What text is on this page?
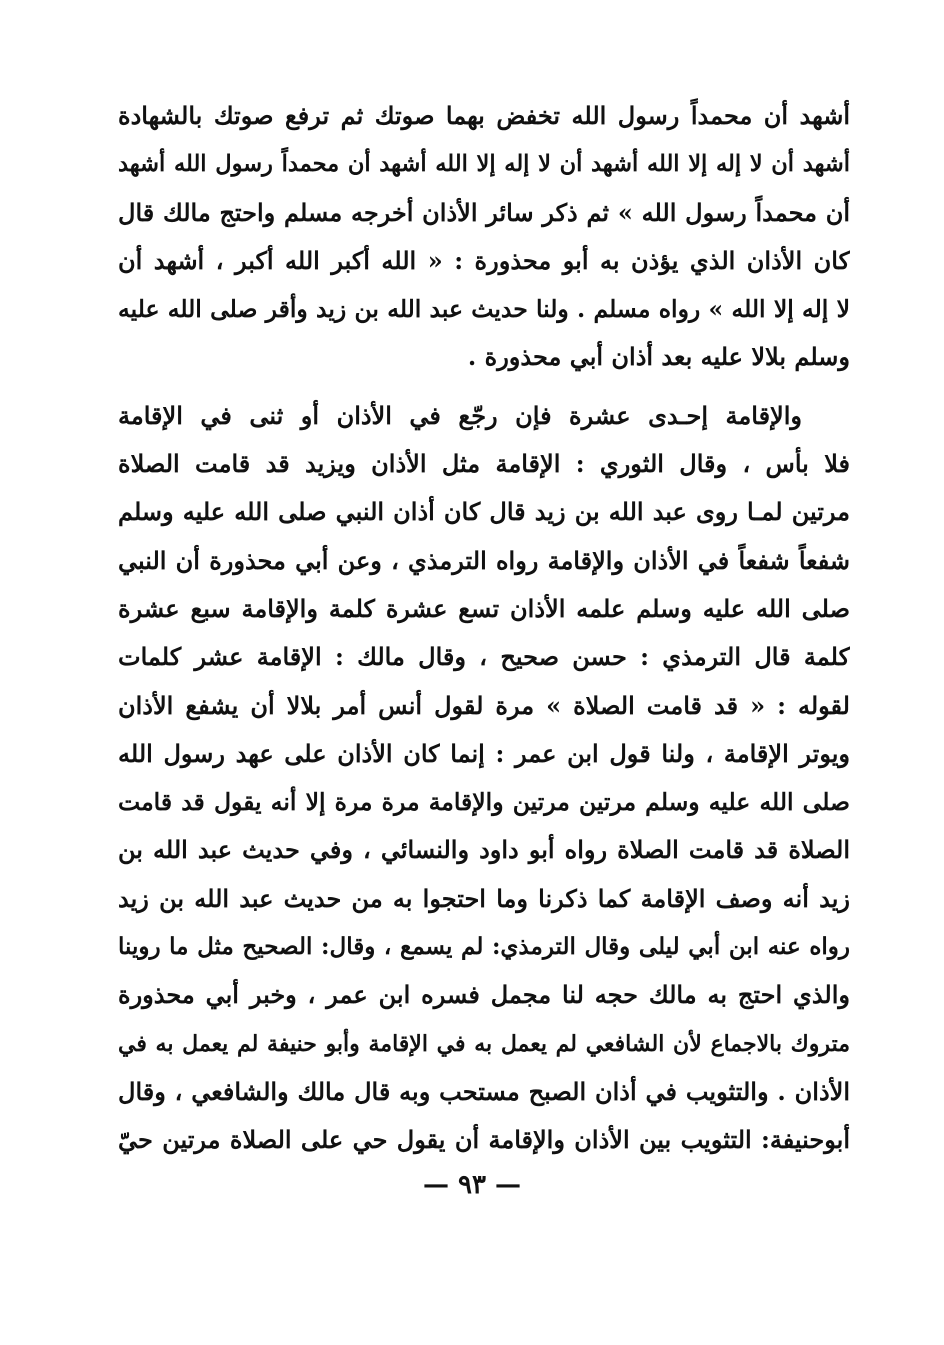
أشهد أن محمداً رسول الله تخفض بهما صوتك ثم ترفع صوتك بالشهادة
أشهد أن لا إله إلا الله أشهد أن لا إله إلا الله أشهد أن محمداً رسول الله أشهد
أن محمداً رسول الله » ثم ذكر سائر الأذان أخرجه مسلم واحتج مالك قال
كان الأذان الذي يؤذن به أبو محذورة : « الله أكبر الله أكبر ، أشهد أن
لا إله إلا الله » رواه مسلم . ولنا حديث عبد الله بن زيد وأقر صلى الله عليه
وسلم بلالا عليه بعد أذان أبي محذورة .
والإقامة إحـدى عشرة فإن رجّع في الأذان أو ثنى في الإقامة
فلا بأس ، وقال الثوري : الإقامة مثل الأذان ويزيد قد قامت الصلاة
مرتين لمـا روى عبد الله بن زيد قال كان أذان النبي صلى الله عليه وسلم
شفعاً شفعاً في الأذان والإقامة رواه الترمذي ، وعن أبي محذورة أن النبي
صلى الله عليه وسلم علمه الأذان تسع عشرة كلمة والإقامة سبع عشرة
كلمة قال الترمذي : حسن صحيح ، وقال مالك : الإقامة عشر كلمات
لقوله : « قد قامت الصلاة » مرة لقول أنس أمر بلالا أن يشفع الأذان
ويوتر الإقامة ، ولنا قول ابن عمر : إنما كان الأذان على عهد رسول الله
صلى الله عليه وسلم مرتين مرتين والإقامة مرة مرة إلا أنه يقول قد قامت
الصلاة قد قامت الصلاة رواه أبو داود والنسائي ، وفي حديث عبد الله بن
زيد أنه وصف الإقامة كما ذكرنا وما احتجوا به من حديث عبد الله بن زيد
رواه عنه ابن أبي ليلى وقال الترمذي: لم يسمع ، وقال: الصحيح مثل ما روينا
والذي احتج به مالك حجه لنا مجمل فسره ابن عمر ، وخبر أبي محذورة
متروك بالاجماع لأن الشافعي لم يعمل به في الإقامة وأبو حنيفة لم يعمل به في
الأذان . والتثويب في أذان الصبح مستحب وبه قال مالك والشافعي ، وقال
أبوحنيفة: التثويب بين الأذان والإقامة أن يقول حي على الصلاة مرتين حيّ
— ٩٣ —
